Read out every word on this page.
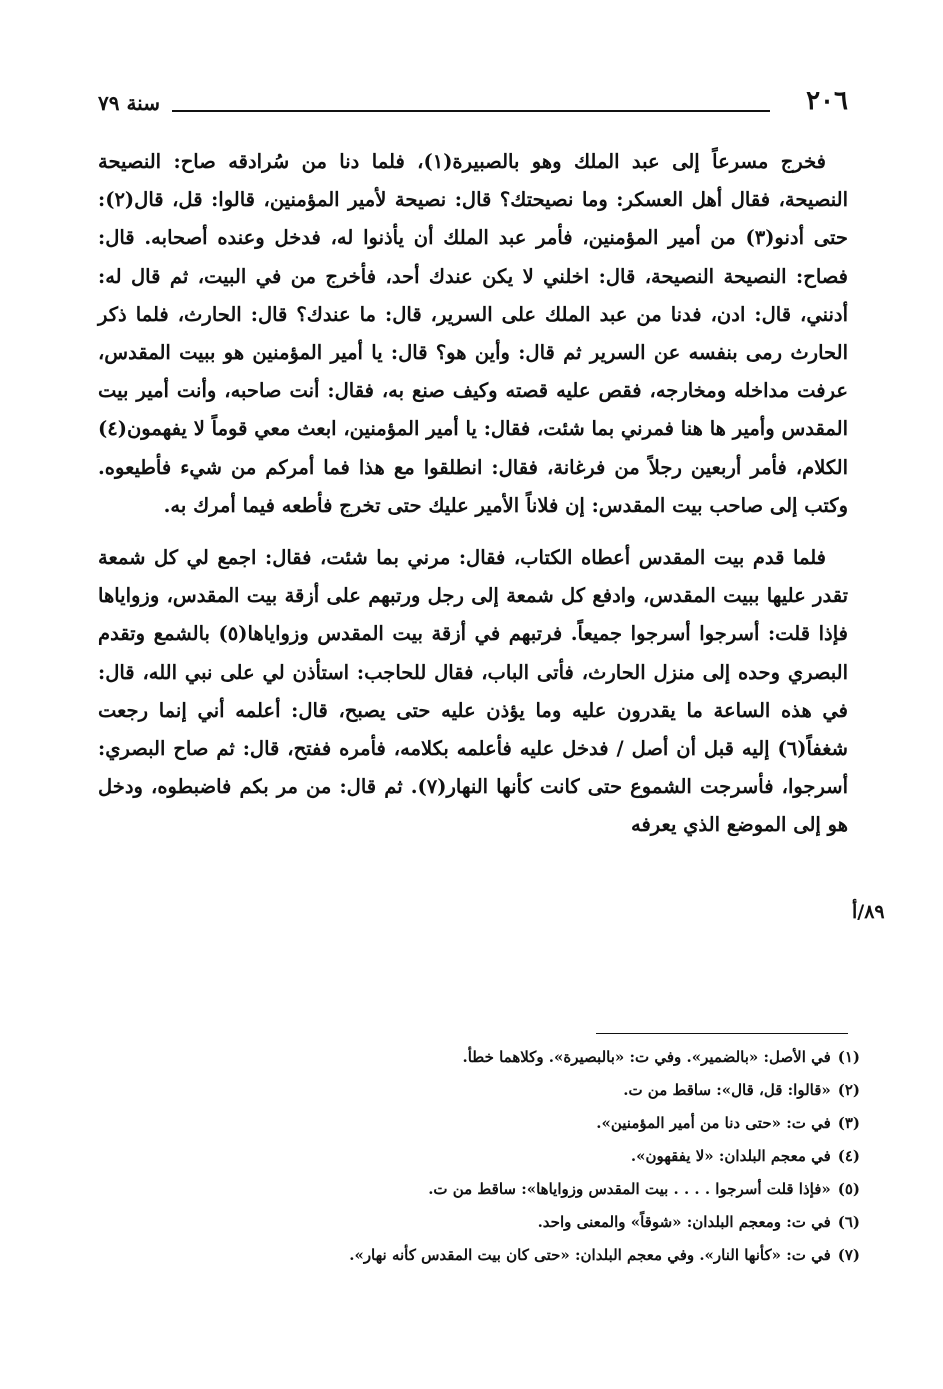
٢٠٦
سنة ٧٩

فخرج مسرعاً إلى عبد الملك وهو بالصبيرة(١)، فلما دنا من سُرادقه صاح: النصيحة النصيحة، فقال أهل العسكر: وما نصيحتك؟ قال: نصيحة لأمير المؤمنين، قالوا: قل، قال(٢): حتى أدنو(٣) من أمير المؤمنين، فأمر عبد الملك أن يأذنوا له، فدخل وعنده أصحابه. قال: فصاح: النصيحة النصيحة، قال: اخلني لا يكن عندك أحد، فأخرج من في البيت، ثم قال له: أدنني، قال: ادن، فدنا من عبد الملك على السرير، قال: ما عندك؟ قال: الحارث، فلما ذكر الحارث رمى بنفسه عن السرير ثم قال: وأين هو؟ قال: يا أمير المؤمنين هو ببيت المقدس، عرفت مداخله ومخارجه، فقص عليه قصته وكيف صنع به، فقال: أنت صاحبه، وأنت أمير بيت المقدس وأمير ها هنا فمرني بما شئت، فقال: يا أمير المؤمنين، ابعث معي قوماً لا يفهمون(٤) الكلام، فأمر أربعين رجلاً من فرغانة، فقال: انطلقوا مع هذا فما أمركم من شيء فأطيعوه. وكتب إلى صاحب بيت المقدس: إن فلاناً الأمير عليك حتى تخرج فأطعه فيما أمرك به.

فلما قدم بيت المقدس أعطاه الكتاب، فقال: مرني بما شئت، فقال: اجمع لي كل شمعة تقدر عليها ببيت المقدس، وادفع كل شمعة إلى رجل ورتبهم على أزقة بيت المقدس، وزواياها فإذا قلت: أسرجوا أسرجوا جميعاً. فرتبهم في أزقة بيت المقدس وزواياها(٥) بالشمع وتقدم البصري وحده إلى منزل الحارث، فأتى الباب، فقال للحاجب: استأذن لي على نبي الله، قال: في هذه الساعة ما يقدرون عليه وما يؤذن عليه حتى يصبح، قال: أعلمه أني إنما رجعت شغفاً(٦) إليه قبل أن أصل / فدخل عليه فأعلمه بكلامه، فأمره ففتح، قال: ثم صاح البصري: أسرجوا، فأسرجت الشموع حتى كانت كأنها النهار(٧). ثم قال: من مر بكم فاضبطوه، ودخل هو إلى الموضع الذي يعرفه

٨٩/أ

(١) في الأصل: «بالضمير». وفي ت: «بالبصيرة». وكلاهما خطأ.

(٢) «قالوا: قل، قال»: ساقط من ت.

(٣) في ت: «حتى دنا من أمير المؤمنين».

(٤) في معجم البلدان: «لا يفقهون».

(٥) «فإذا قلت أسرجوا . . . . بيت المقدس وزواياها»: ساقط من ت.

(٦) في ت: ومعجم البلدان: «شوقاً» والمعنى واحد.

(٧) في ت: «كأنها النار». وفي معجم البلدان: «حتى كان بيت المقدس كأنه نهار».
